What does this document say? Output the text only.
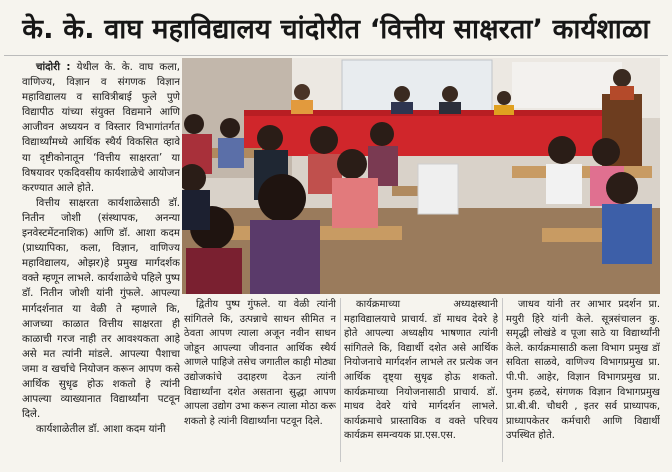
के. के. वाघ महाविद्यालय चांदोरीत ‘वित्तीय साक्षरता’ कार्यशाळा

चांदोरी : येथील के. के. वाघ कला, वाणिज्य, विज्ञान व संगणक विज्ञान महाविद्यालय व सावित्रीबाई फुले पुणे विद्यापीठ यांच्या संयुक्त विद्यमाने आणि आजीवन अध्ययन व विस्तार विभागांतर्गत विद्यार्थ्यांमध्ये आर्थिक स्थैर्य विकसित व्हावे या दृष्टीकोनातून ‘वित्तीय साक्षरता’ या विषयावर एकदिवसीय कार्यशाळेचे आयोजन करण्यात आले होते.

वित्तीय साक्षरता कार्यशाळेसाठी डॉ. नितीन जोशी (संस्थापक, अनन्या इनवेस्टमेंटनाशिक) आणि डॉ. आशा कदम (प्राध्यापिका, कला, विज्ञान, वाणिज्य महाविद्यालय, ओझर)हे प्रमुख मार्गदर्शक वक्ते म्हणून लाभले. कार्यशाळेचे पहिले पुष्प डॉ. नितीन जोशी यांनी गुंफले. आपल्या मार्गदर्शनात या वेळी ते म्हणाले कि, आजच्या काळात वित्तीय साक्षरता ही काळाची गरज नाही तर आवश्यकता आहे असे मत त्यांनी मांडले. आपल्या पैशाचा जमा व खर्चाचे नियोजन करून आपण कसे आर्थिक सुधृढ होऊ शकतो हे त्यांनी आपल्या व्याख्यानात विद्यार्थ्यांना पटवून दिले.

कार्यशाळेतील डॉ. आशा कदम यांनी

द्वितीय पुष्प गुंफले. या वेळी त्यांनी सांगितले कि, उत्पन्नाचे साधन सीमित न ठेवता आपण त्याला अजून नवीन साधन जोडून आपल्या जीवनात आर्थिक स्थैर्य आणले पाहिजे तसेच जगातील काही मोठ्या उद्योजकांचे उदाहरण देऊन त्यांनी विद्यार्थ्यांना दशेत असताना सुद्धा आपण आपला उद्योग उभा करून त्याला मोठा करू शकतो हे त्यांनी विद्यार्थ्यांना पटवून दिले.

कार्यक्रमाच्या अध्यक्षस्थानी महाविद्यालयाचे प्राचार्य. डॉ माधव देवरे हे होते आपल्या अध्यक्षीय भाषणात त्यांनी सांगितले कि, विद्यार्थी दशेत असे आर्थिक नियोजनाचे मार्गदर्शन लाभले तर प्रत्येक जन आर्थिक दृष्ट्या सुधृढ होऊ शकतो. कार्यक्रमाच्या नियोजनासाठी प्राचार्य. डॉ. माधव देवरे यांचे मार्गदर्शन लाभले. कार्यक्रमाचे प्रास्ताविक व वक्ते परिचय कार्यक्रम समन्वयक प्रा.एस.एस.

जाधव यांनी तर आभार प्रदर्शन प्रा. मयुरी हिरे यांनी केले. सूत्रसंचालन कु. समृद्धी लोखंडे व पूजा साठे या विद्यार्थ्यांनी केले. कार्यक्रमासाठी कला विभाग प्रमुख डॉ सविता साळवे, वाणिज्य विभागप्रमुख प्रा. पी.पी. आहेर, विज्ञान विभागप्रमुख प्रा. पुनम हळदे, संगणक विज्ञान विभागप्रमुख प्रा.बी.बी. चौधरी , इतर सर्व प्राध्यापक, प्राध्यापकेतर कर्मचारी आणि विद्यार्थी उपस्थित होते.
